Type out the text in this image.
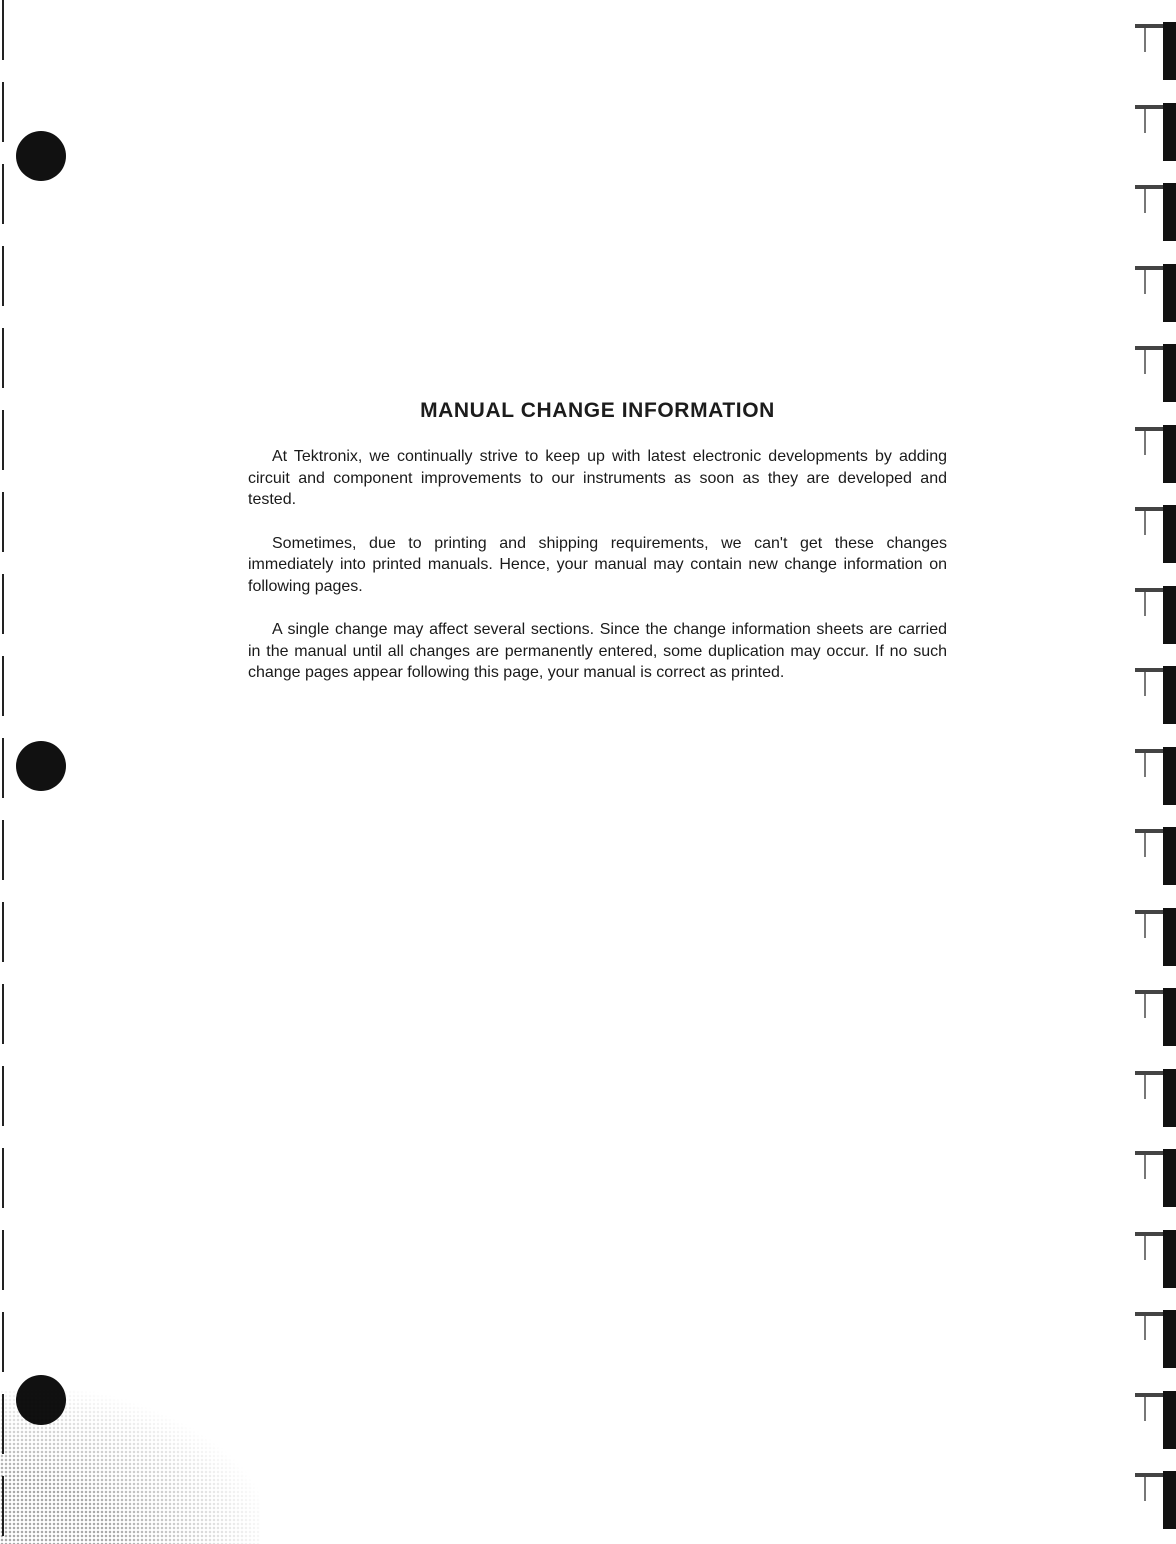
MANUAL CHANGE INFORMATION

At Tektronix, we continually strive to keep up with latest electronic developments by adding circuit and component improvements to our instruments as soon as they are developed and tested.

Sometimes, due to printing and shipping requirements, we can't get these changes immediately into printed manuals. Hence, your manual may contain new change information on following pages.

A single change may affect several sections. Since the change information sheets are carried in the manual until all changes are permanently entered, some duplication may occur. If no such change pages appear following this page, your manual is correct as printed.
